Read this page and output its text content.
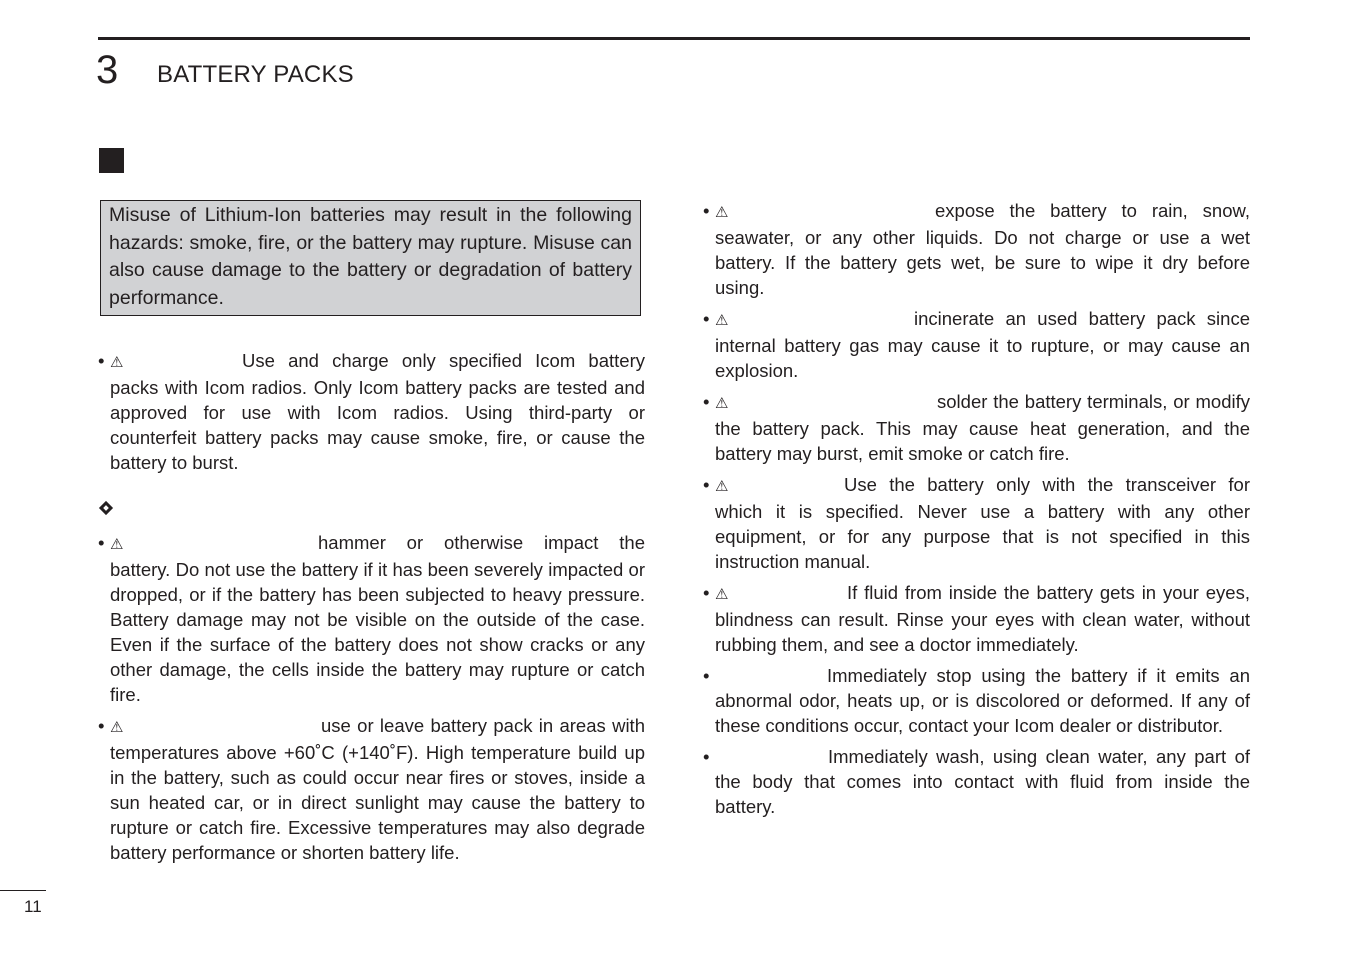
3 BATTERY PACKS
Misuse of Lithium-Ion batteries may result in the following hazards: smoke, fire, or the battery may rupture. Misuse can also cause damage to the battery or degradation of battery performance.
• ⚠	Use and charge only specified Icom battery packs with Icom radios. Only Icom battery packs are tested and approved for use with Icom radios. Using third-party or counterfeit battery packs may cause smoke, fire, or cause the battery to burst.
• ⚠	hammer or otherwise impact the battery. Do not use the battery if it has been severely impacted or dropped, or if the battery has been subjected to heavy pressure. Battery damage may not be visible on the outside of the case. Even if the surface of the battery does not show cracks or any other damage, the cells inside the battery may rupture or catch fire.
• ⚠	use or leave battery pack in areas with temperatures above +60˚C (+140˚F). High temperature build up in the battery, such as could occur near fires or stoves, inside a sun heated car, or in direct sunlight may cause the battery to rupture or catch fire. Excessive temperatures may also degrade battery performance or shorten battery life.
• ⚠	expose the battery to rain, snow, seawater, or any other liquids. Do not charge or use a wet battery. If the battery gets wet, be sure to wipe it dry before using.
• ⚠	incinerate an used battery pack since internal battery gas may cause it to rupture, or may cause an explosion.
• ⚠	solder the battery terminals, or modify the battery pack. This may cause heat generation, and the battery may burst, emit smoke or catch fire.
• ⚠	Use the battery only with the transceiver for which it is specified. Never use a battery with any other equipment, or for any purpose that is not specified in this instruction manual.
• ⚠	If fluid from inside the battery gets in your eyes, blindness can result. Rinse your eyes with clean water, without rubbing them, and see a doctor immediately.
•	Immediately stop using the battery if it emits an abnormal odor, heats up, or is discolored or deformed. If any of these conditions occur, contact your Icom dealer or distributor.
•	Immediately wash, using clean water, any part of the body that comes into contact with fluid from inside the battery.
11
